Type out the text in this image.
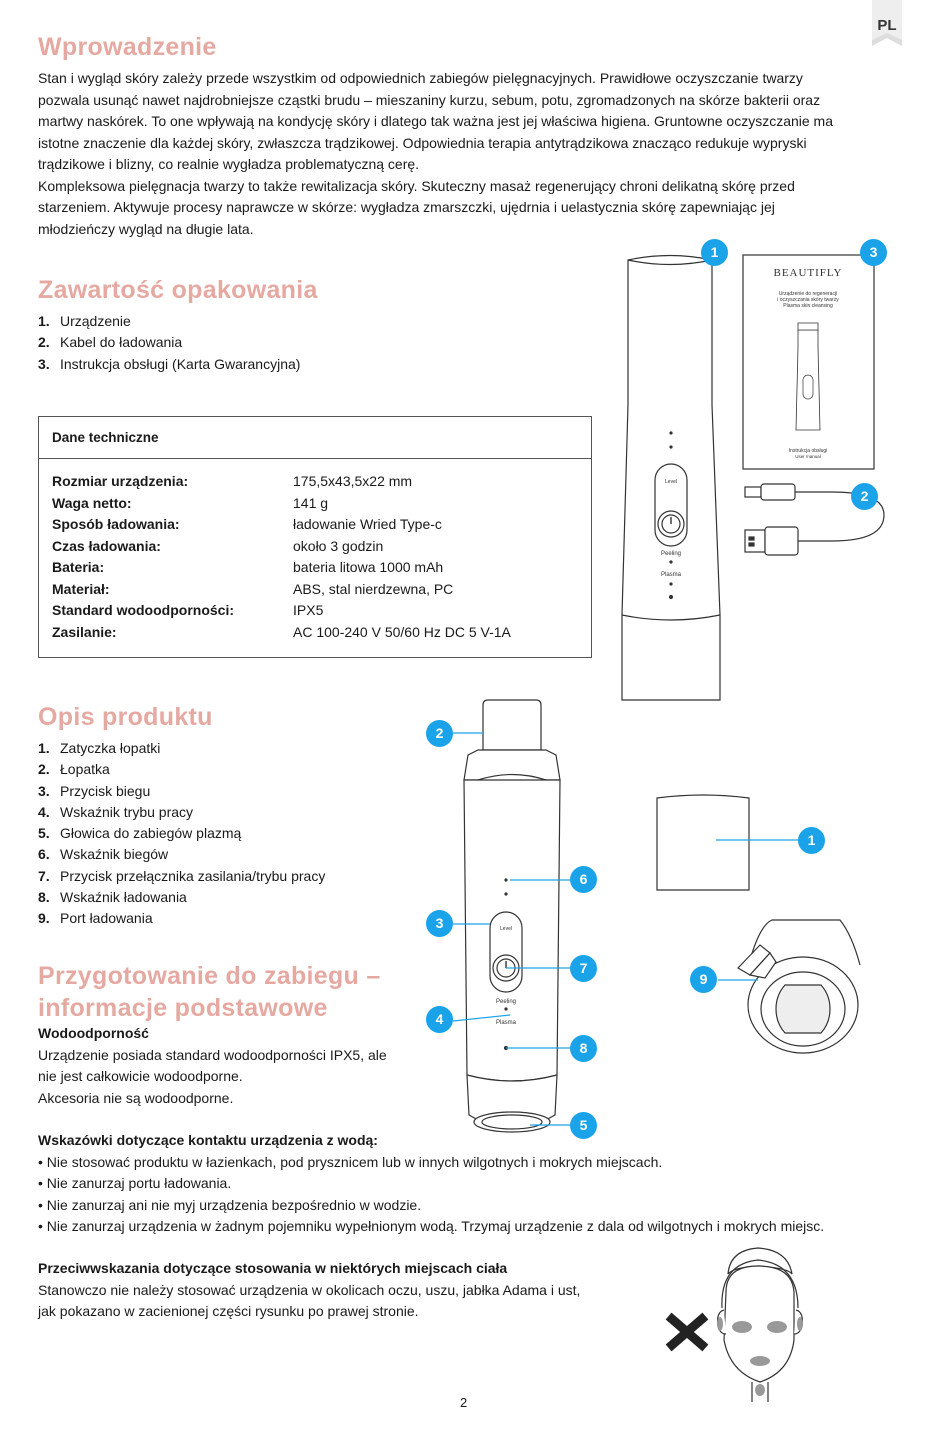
PL
Wprowadzenie
Stan i wygląd skóry zależy przede wszystkim od odpowiednich zabiegów pielęgnacyjnych. Prawidłowe oczyszczanie twarzy
pozwala usunąć nawet najdrobniejsze cząstki brudu – mieszaniny kurzu, sebum, potu, zgromadzonych na skórze bakterii oraz
martwy naskórek. To one wpływają na kondycję skóry i dlatego tak ważna jest jej właściwa higiena. Gruntowne oczyszczanie ma
istotne znaczenie dla każdej skóry, zwłaszcza trądzikowej. Odpowiednia terapia antytrądzikowa znacząco redukuje wypryski
trądzikowe i blizny, co realnie wygładza problematyczną cerę.
Kompleksowa pielęgnacja twarzy to także rewitalizacja skóry. Skuteczny masaż regenerujący chroni delikatną skórę przed
starzeniem. Aktywuje procesy naprawcze w skórze: wygładza zmarszczki, ujędrnia i uelastycznia skórę zapewniając jej
młodzieńczy wygląd na długie lata.
Zawartość opakowania
1. Urządzenie
2. Kabel do ładowania
3. Instrukcja obsługi (Karta Gwarancyjna)
Dane techniczne
Rozmiar urządzenia:	175,5x43,5x22 mm
Waga netto:	141 g
Sposób ładowania:	ładowanie Wried Type-c
Czas ładowania:	około 3 godzin
Bateria:	bateria litowa 1000 mAh
Materiał:	ABS, stal nierdzewna, PC
Standard wodoodporności:	IPX5
Zasilanie:	AC 100-240 V 50/60 Hz DC 5 V-1A
Level
Peeling
Plasma
BEAUTIFLY
Urządzenie do regeneracji
i oczyszczania skóry twarzy
Plasma skin cleansing
Instrukcja obsługi
User manual
1
2
3
Opis produktu
1. Zatyczka łopatki
2. Łopatka
3. Przycisk biegu
4. Wskaźnik trybu pracy
5. Głowica do zabiegów plazmą
6. Wskaźnik biegów
7. Przycisk przełącznika zasilania/trybu pracy
8. Wskaźnik ładowania
9. Port ładowania
Level
Peeling
Plasma
2
1
6
3
7
9
4
8
5
Przygotowanie do zabiegu –
informacje podstawowe
Wodoodporność
Urządzenie posiada standard wodoodporności IPX5, ale
nie jest całkowicie wodoodporne.
Akcesoria nie są wodoodporne.
Wskazówki dotyczące kontaktu urządzenia z wodą:
• Nie stosować produktu w łazienkach, pod prysznicem lub w innych wilgotnych i mokrych miejscach.
• Nie zanurzaj portu ładowania.
• Nie zanurzaj ani nie myj urządzenia bezpośrednio w wodzie.
• Nie zanurzaj urządzenia w żadnym pojemniku wypełnionym wodą. Trzymaj urządzenie z dala od wilgotnych i mokrych miejsc.
Przeciwwskazania dotyczące stosowania w niektórych miejscach ciała
Stanowczo nie należy stosować urządzenia w okolicach oczu, uszu, jabłka Adama i ust,
jak pokazano w zacienionej części rysunku po prawej stronie.
2
